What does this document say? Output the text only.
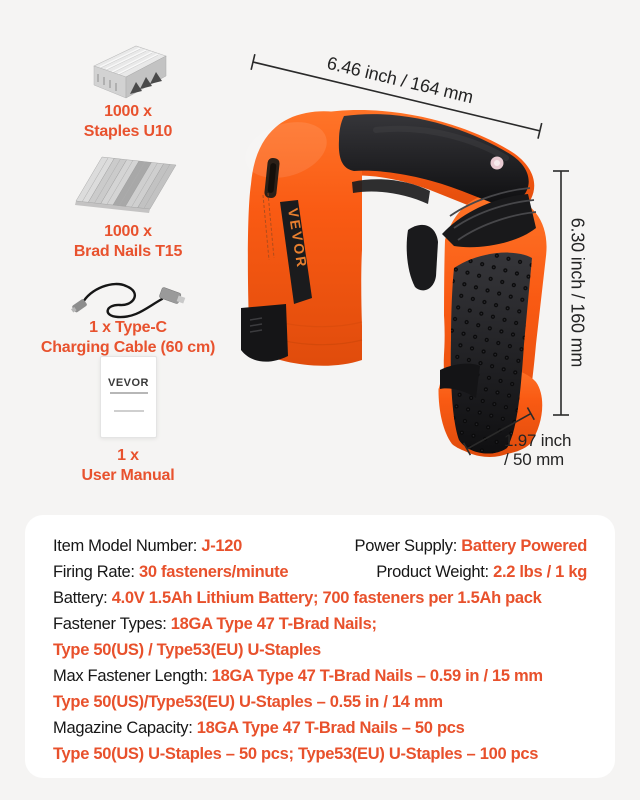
1000 x
Staples U10
1000 x
Brad Nails T15
1 x Type-C
Charging Cable (60 cm)
VEVOR
1 x
User Manual
VEVOR
6.46 inch / 164 mm
6.30 inch / 160 mm
1.97 inch
/ 50 mm
Item Model Number: J-120	Power Supply: Battery Powered
Firing Rate: 30 fasteners/minute	Product Weight: 2.2 lbs / 1 kg
Battery: 4.0V 1.5Ah Lithium Battery; 700 fasteners per 1.5Ah pack
Fastener Types: 18GA Type 47 T-Brad Nails;
Type 50(US) / Type53(EU) U-Staples
Max Fastener Length: 18GA Type 47 T-Brad Nails – 0.59 in / 15 mm
Type 50(US)/Type53(EU) U-Staples – 0.55 in / 14 mm
Magazine Capacity: 18GA Type 47 T-Brad Nails – 50 pcs
Type 50(US) U-Staples – 50 pcs; Type53(EU) U-Staples – 100 pcs
